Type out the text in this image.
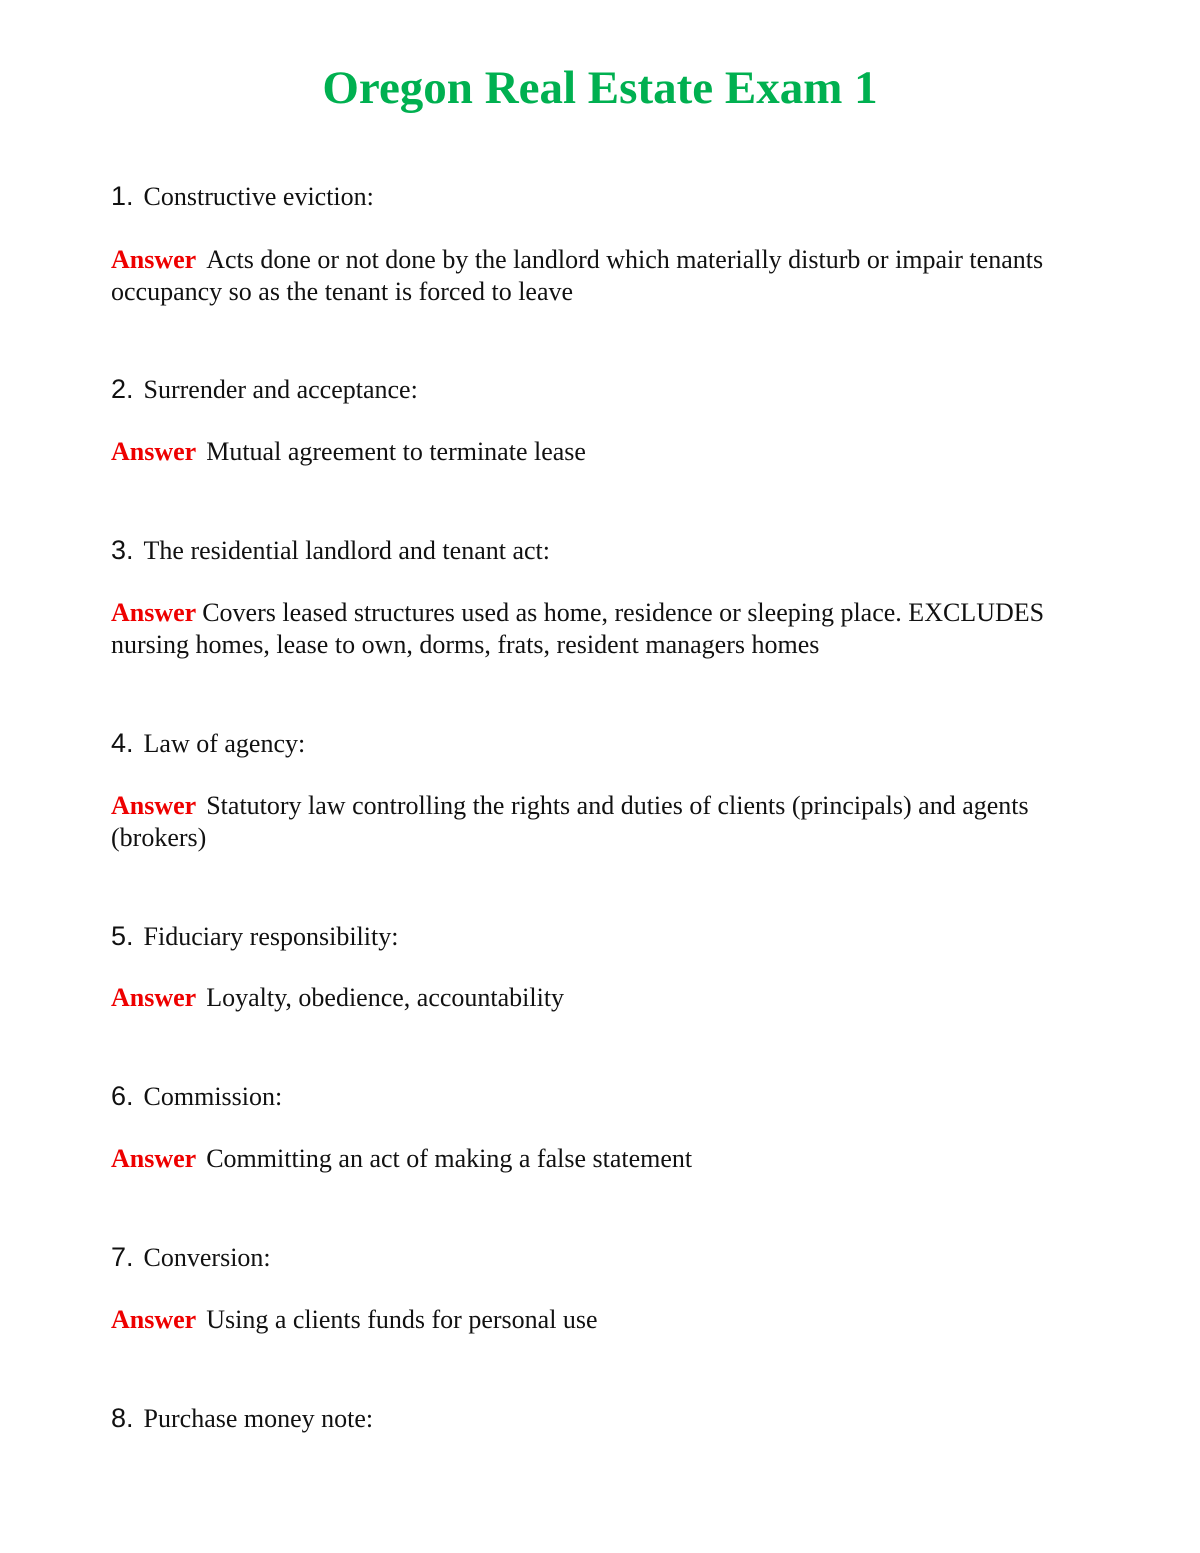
Oregon Real Estate Exam 1
1. Constructive eviction:
Answer Acts done or not done by the landlord which materially disturb or impair tenants occupancy so as the tenant is forced to leave
2. Surrender and acceptance:
Answer Mutual agreement to terminate lease
3. The residential landlord and tenant act:
Answer Covers leased structures used as home, residence or sleeping place. EXCLUDES nursing homes, lease to own, dorms, frats, resident managers homes
4. Law of agency:
Answer Statutory law controlling the rights and duties of clients (principals) and agents (brokers)
5. Fiduciary responsibility:
Answer Loyalty, obedience, accountability
6. Commission:
Answer Committing an act of making a false statement
7. Conversion:
Answer Using a clients funds for personal use
8. Purchase money note:
